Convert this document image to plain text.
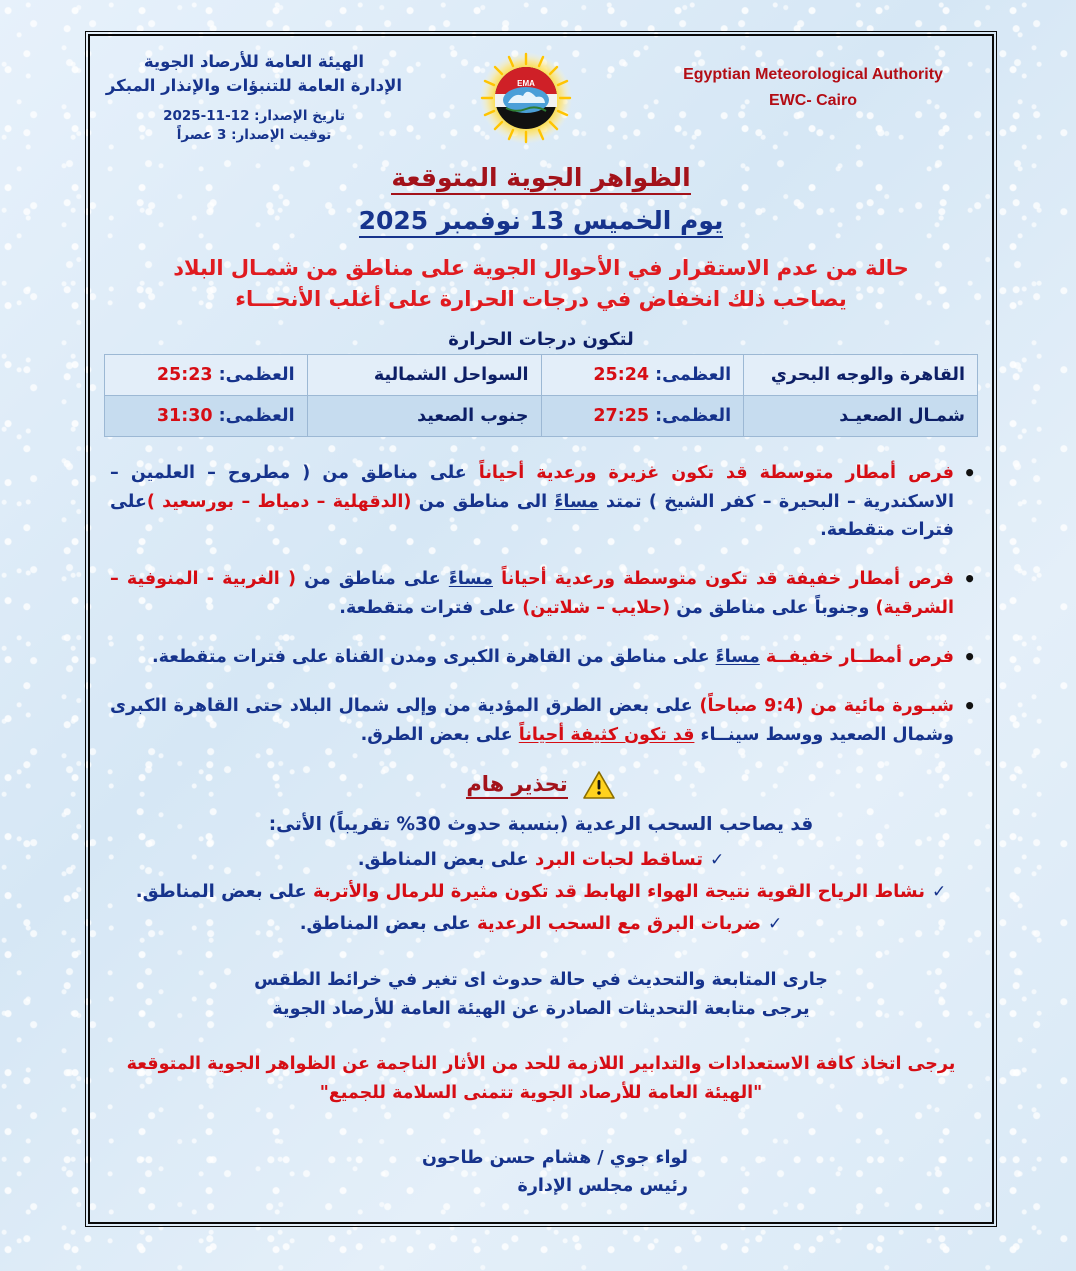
الهيئة العامة للأرصاد الجوية
الإدارة العامة للتنبؤات والإنذار المبكر
تاريخ الإصدار: 12-11-2025
توقيت الإصدار: 3 عصراً
EMA
Egyptian Meteorological Authority
EWC- Cairo
الظواهر الجوية المتوقعة
يوم الخميس 13 نوفمبر 2025
حالة من عدم الاستقرار في الأحوال الجوية على مناطق من شمـال البلاد
يصاحب ذلك انخفاض في درجات الحرارة على أغلب الأنحـــاء
لتكون درجات الحرارة
القاهرة والوجه البحري	العظمى: 25:24	السواحل الشمالية	العظمى: 25:23
شمـال الصعيـد	العظمى: 27:25	جنوب الصعيد	العظمى: 31:30
• فرص أمطار متوسطة قد تكون غزيرة ورعدية أحياناً على مناطق من ( مطروح – العلمين – الاسكندرية – البحيرة – كفر الشيخ ) تمتد مساءً الى مناطق من (الدقهلية – دمياط – بورسعيد )على فترات متقطعة.
• فرص أمطار خفيفة قد تكون متوسطة ورعدية أحياناً مساءً على مناطق من ( الغربية - المنوفية – الشرقية) وجنوباً على مناطق من (حلايب – شلاتين) على فترات متقطعة.
• فرص أمطــار خفيفــة مساءً على مناطق من القاهرة الكبرى ومدن القناة على فترات متقطعة.
• شبـورة مائية من (9:4 صباحاً) على بعض الطرق المؤدية من وإلى شمال البلاد حتى القاهرة الكبرى وشمال الصعيد ووسط سينــاء قد تكون كثيفة أحياناً على بعض الطرق.
تحذير هام
قد يصاحب السحب الرعدية (بنسبة حدوث 30% تقريباً) الأتى:
✓تساقط لحبات البرد على بعض المناطق.
✓نشاط الرياح القوية نتيجة الهواء الهابط قد تكون مثيرة للرمال والأتربة على بعض المناطق.
✓ضربات البرق مع السحب الرعدية على بعض المناطق.
جارى المتابعة والتحديث في حالة حدوث اى تغير في خرائط الطقس
يرجى متابعة التحديثات الصادرة عن الهيئة العامة للأرصاد الجوية
يرجى اتخاذ كافة الاستعدادات والتدابير اللازمة للحد من الأثار الناجمة عن الظواهر الجوية المتوقعة
"الهيئة العامة للأرصاد الجوية تتمنى السلامة للجميع"
لواء جوي / هشام حسن طاحون
رئيس مجلس الإدارة
